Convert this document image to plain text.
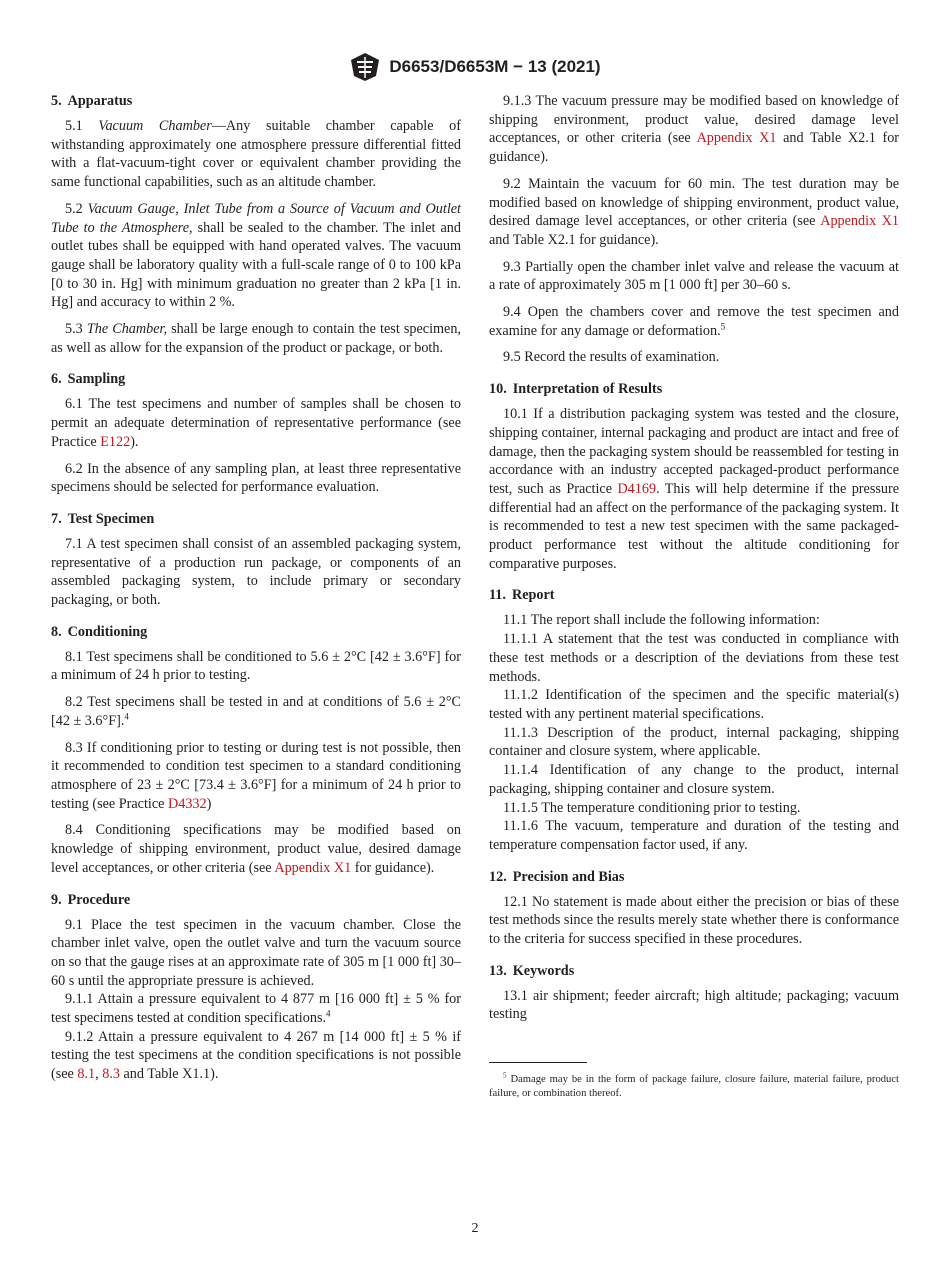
D6653/D6653M − 13 (2021)
5. Apparatus

5.1 Vacuum Chamber—Any suitable chamber capable of withstanding approximately one atmosphere pressure differential fitted with a flat-vacuum-tight cover or equivalent chamber providing the same functional capabilities, such as an altitude chamber.

5.2 Vacuum Gauge, Inlet Tube from a Source of Vacuum and Outlet Tube to the Atmosphere, shall be sealed to the chamber. The inlet and outlet tubes shall be equipped with hand operated valves. The vacuum gauge shall be laboratory quality with a full-scale range of 0 to 100 kPa [0 to 30 in. Hg] with minimum graduation no greater than 2 kPa [1 in. Hg] and accuracy to within 2 %.

5.3 The Chamber, shall be large enough to contain the test specimen, as well as allow for the expansion of the product or package, or both.

6. Sampling

6.1 The test specimens and number of samples shall be chosen to permit an adequate determination of representative performance (see Practice E122).

6.2 In the absence of any sampling plan, at least three representative specimens should be selected for performance evaluation.

7. Test Specimen

7.1 A test specimen shall consist of an assembled packaging system, representative of a production run package, or components of an assembled packaging system, to include primary or secondary packaging, or both.

8. Conditioning

8.1 Test specimens shall be conditioned to 5.6 ± 2°C [42 ± 3.6°F] for a minimum of 24 h prior to testing.

8.2 Test specimens shall be tested in and at conditions of 5.6 ± 2°C [42 ± 3.6°F].$^4$

8.3 If conditioning prior to testing or during test is not possible, then it recommended to condition test specimen to a standard conditioning atmosphere of 23 ± 2°C [73.4 ± 3.6°F] for a minimum of 24 h prior to testing (see Practice D4332)

8.4 Conditioning specifications may be modified based on knowledge of shipping environment, product value, desired damage level acceptances, or other criteria (see Appendix X1 for guidance).

9. Procedure

9.1 Place the test specimen in the vacuum chamber. Close the chamber inlet valve, open the outlet valve and turn the vacuum source on so that the gauge rises at an approximate rate of 305 m [1 000 ft] 30–60 s until the appropriate pressure is achieved.

9.1.1 Attain a pressure equivalent to 4 877 m [16 000 ft] ± 5 % for test specimens tested at condition specifications.$^4$

9.1.2 Attain a pressure equivalent to 4 267 m [14 000 ft] ± 5 % if testing the test specimens at the condition specifications is not possible (see 8.1, 8.3 and Table X1.1).

9.1.3 The vacuum pressure may be modified based on knowledge of shipping environment, product value, desired damage level acceptances, or other criteria (see Appendix X1 and Table X2.1 for guidance).

9.2 Maintain the vacuum for 60 min. The test duration may be modified based on knowledge of shipping environment, product value, desired damage level acceptances, or other criteria (see Appendix X1 and Table X2.1 for guidance).

9.3 Partially open the chamber inlet valve and release the vacuum at a rate of approximately 305 m [1 000 ft] per 30–60 s.

9.4 Open the chambers cover and remove the test specimen and examine for any damage or deformation.$^5$

9.5 Record the results of examination.

10. Interpretation of Results

10.1 If a distribution packaging system was tested and the closure, shipping container, internal packaging and product are intact and free of damage, then the packaging system should be reassembled for testing in accordance with an industry accepted packaged-product performance test, such as Practice D4169. This will help determine if the pressure differential had an affect on the performance of the packaging system. It is recommended to test a new test specimen with the same packaged-product performance test without the altitude conditioning for comparative purposes.

11. Report

11.1 The report shall include the following information:

11.1.1 A statement that the test was conducted in compliance with these test methods or a description of the deviations from these test methods.

11.1.2 Identification of the specimen and the specific material(s) tested with any pertinent material specifications.

11.1.3 Description of the product, internal packaging, shipping container and closure system, where applicable.

11.1.4 Identification of any change to the product, internal packaging, shipping container and closure system.

11.1.5 The temperature conditioning prior to testing.

11.1.6 The vacuum, temperature and duration of the testing and temperature compensation factor used, if any.

12. Precision and Bias

12.1 No statement is made about either the precision or bias of these test methods since the results merely state whether there is conformance to the criteria for success specified in these procedures.

13. Keywords

13.1 air shipment; feeder aircraft; high altitude; packaging; vacuum testing

$^5$ Damage may be in the form of package failure, closure failure, material failure, product failure, or combination thereof.

2
